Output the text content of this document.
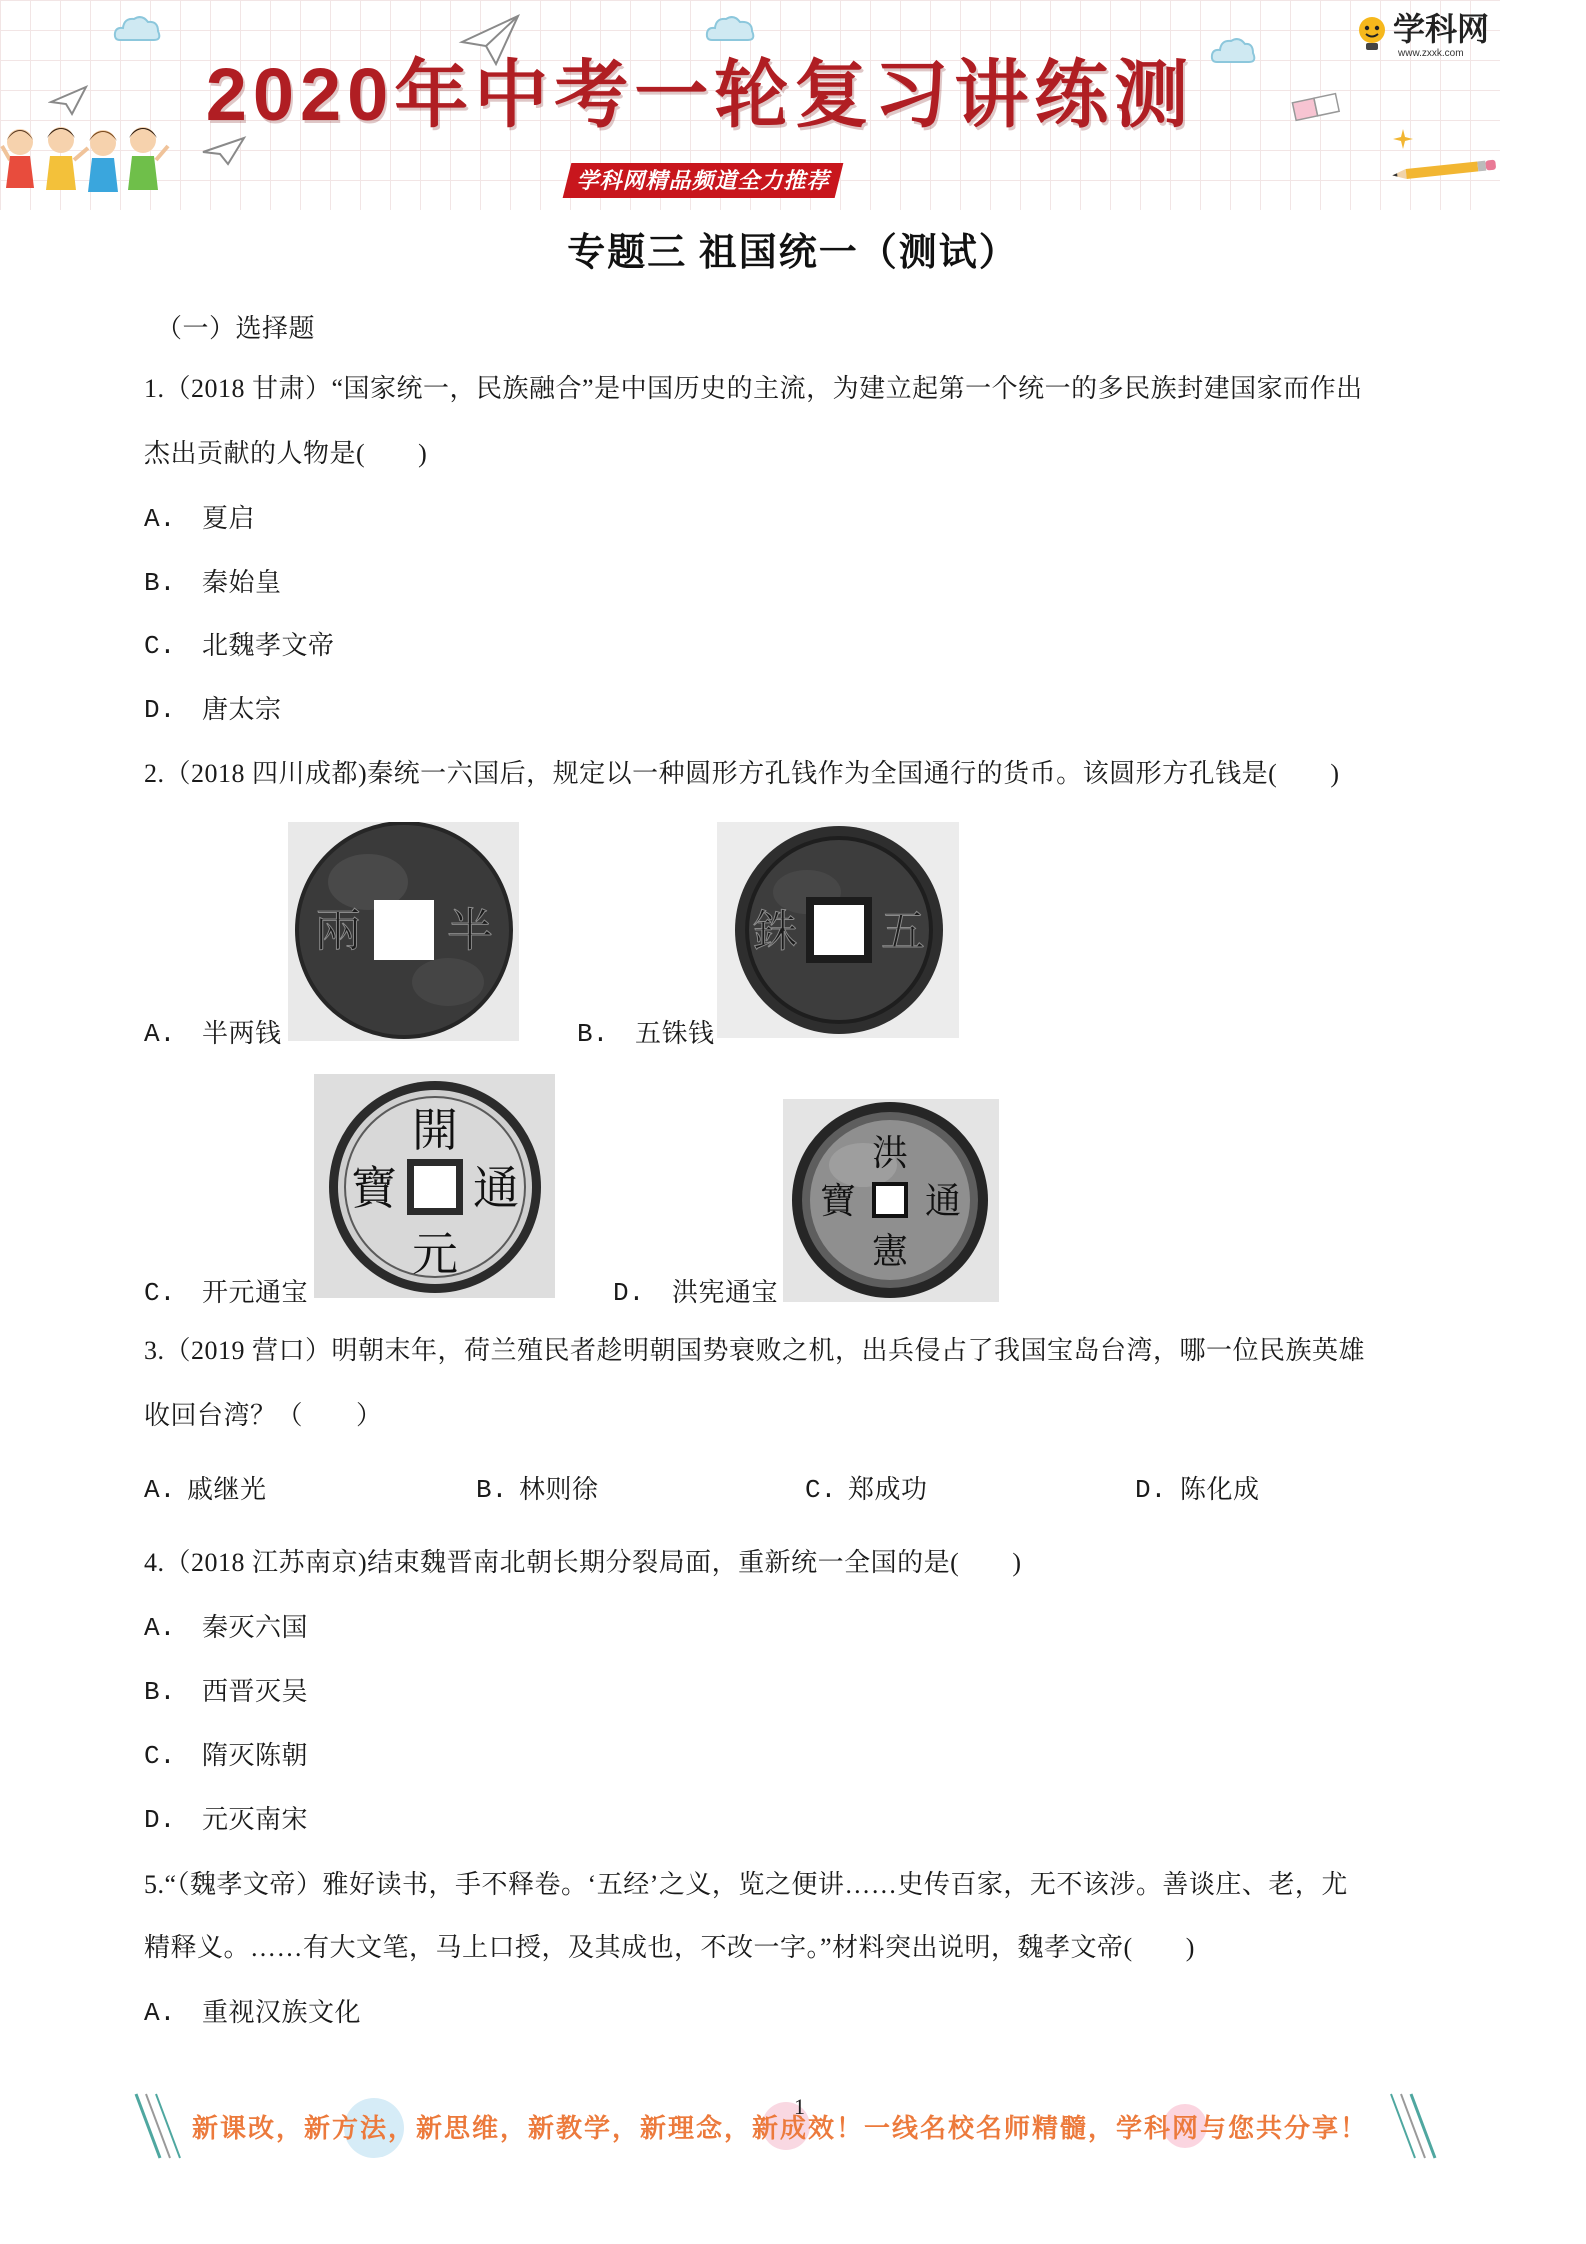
2020年中考一轮复习讲练测
学科网精品频道全力推荐
学科网
www.zxxk.com
专题三 祖国统一（测试）
（一）选择题
1.（2018 甘肃）“国家统一，民族融合”是中国历史的主流，为建立起第一个统一的多民族封建国家而作出
杰出贡献的人物是(　　)
A. 夏启
B. 秦始皇
C. 北魏孝文帝
D. 唐太宗
2.（2018 四川成都)秦统一六国后，规定以一种圆形方孔钱作为全国通行的货币。该圆形方孔钱是(　　)
兩 半
A. 半两钱
銖 五
B. 五铢钱
開
元
寶 通
C. 开元通宝
洪
憲
寶 通
D. 洪宪通宝
3.（2019 营口）明朝末年，荷兰殖民者趁明朝国势衰败之机，出兵侵占了我国宝岛台湾，哪一位民族英雄
收回台湾？（　　）
A. 戚继光	B. 林则徐	C. 郑成功	D. 陈化成
4.（2018 江苏南京)结束魏晋南北朝长期分裂局面，重新统一全国的是(　　)
A. 秦灭六国
B. 西晋灭吴
C. 隋灭陈朝
D. 元灭南宋
5.“（魏孝文帝）雅好读书，手不释卷。‘五经’之义，览之便讲……史传百家，无不该涉。善谈庄、老，尤
精释义。……有大文笔，马上口授，及其成也，不改一字。”材料突出说明，魏孝文帝(　　)
A. 重视汉族文化
1
新课改，新方法，新思维，新教学，新理念，新成效！一线名校名师精髓，学科网与您共分享！
